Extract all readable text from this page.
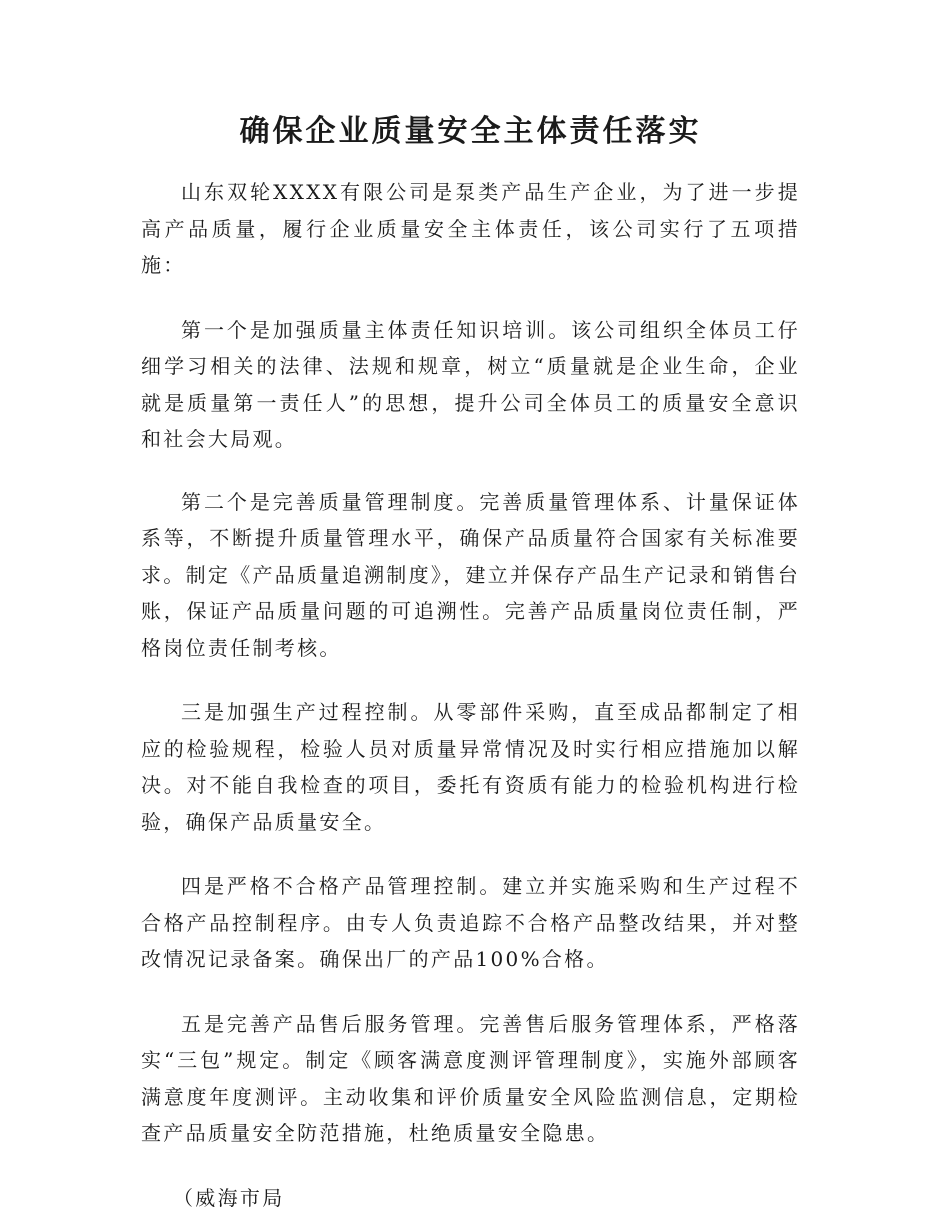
确保企业质量安全主体责任落实

山东双轮XXXX有限公司是泵类产品生产企业，为了进一步提高产品质量，履行企业质量安全主体责任，该公司实行了五项措施：

第一个是加强质量主体责任知识培训。该公司组织全体员工仔细学习相关的法律、法规和规章，树立“质量就是企业生命，企业就是质量第一责任人”的思想，提升公司全体员工的质量安全意识和社会大局观。

第二个是完善质量管理制度。完善质量管理体系、计量保证体系等，不断提升质量管理水平，确保产品质量符合国家有关标准要求。制定《产品质量追溯制度》，建立并保存产品生产记录和销售台账，保证产品质量问题的可追溯性。完善产品质量岗位责任制，严格岗位责任制考核。

三是加强生产过程控制。从零部件采购，直至成品都制定了相应的检验规程，检验人员对质量异常情况及时实行相应措施加以解决。对不能自我检查的项目，委托有资质有能力的检验机构进行检验，确保产品质量安全。

四是严格不合格产品管理控制。建立并实施采购和生产过程不合格产品控制程序。由专人负责追踪不合格产品整改结果，并对整改情况记录备案。确保出厂的产品100%合格。

五是完善产品售后服务管理。完善售后服务管理体系，严格落实“三包”规定。制定《顾客满意度测评管理制度》，实施外部顾客满意度年度测评。主动收集和评价质量安全风险监测信息，定期检查产品质量安全防范措施，杜绝质量安全隐患。

（威海市局
